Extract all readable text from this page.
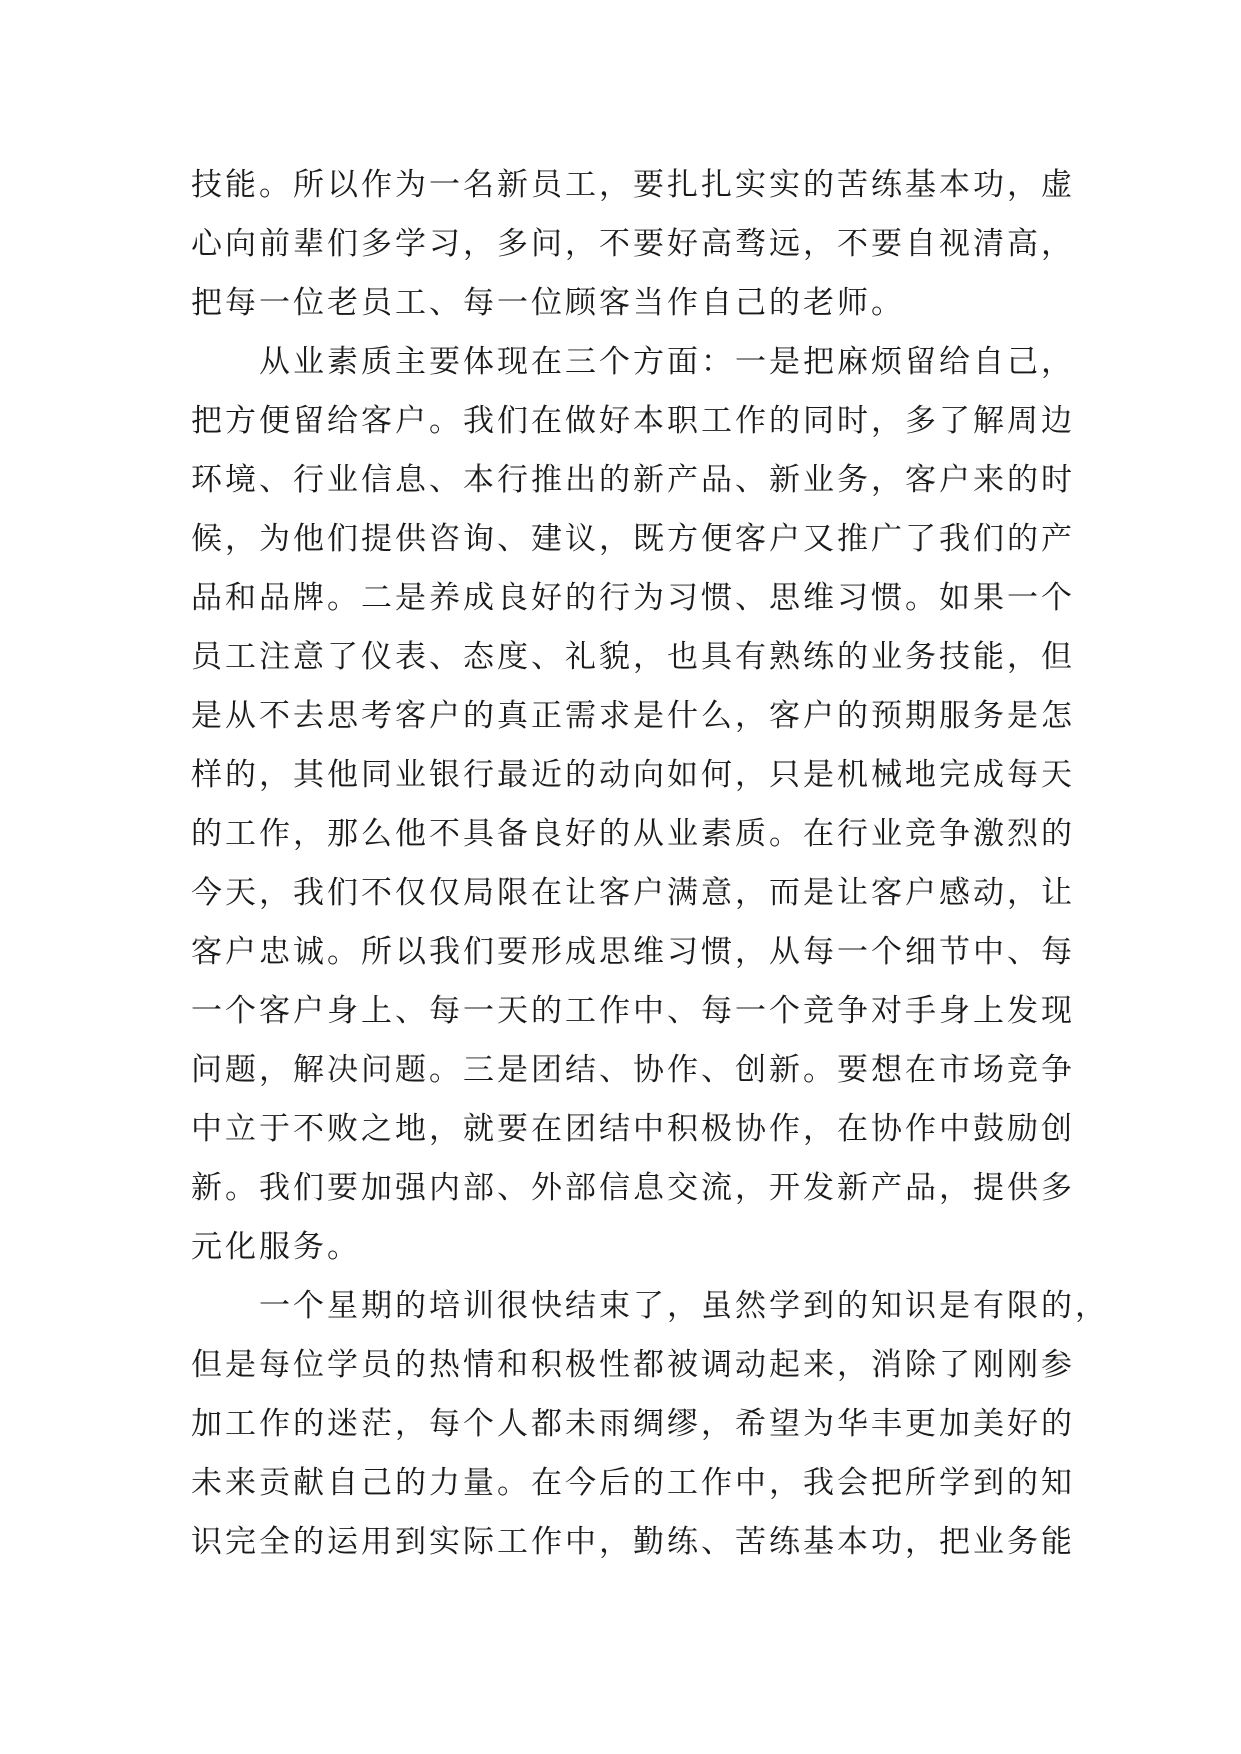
技能。所以作为一名新员工，要扎扎实实的苦练基本功，虚
心向前辈们多学习，多问，不要好高骛远，不要自视清高，
把每一位老员工、每一位顾客当作自己的老师。
　　从业素质主要体现在三个方面：一是把麻烦留给自己，
把方便留给客户。我们在做好本职工作的同时，多了解周边
环境、行业信息、本行推出的新产品、新业务，客户来的时
候，为他们提供咨询、建议，既方便客户又推广了我们的产
品和品牌。二是养成良好的行为习惯、思维习惯。如果一个
员工注意了仪表、态度、礼貌，也具有熟练的业务技能，但
是从不去思考客户的真正需求是什么，客户的预期服务是怎
样的，其他同业银行最近的动向如何，只是机械地完成每天
的工作，那么他不具备良好的从业素质。在行业竞争激烈的
今天，我们不仅仅局限在让客户满意，而是让客户感动，让
客户忠诚。所以我们要形成思维习惯，从每一个细节中、每
一个客户身上、每一天的工作中、每一个竞争对手身上发现
问题，解决问题。三是团结、协作、创新。要想在市场竞争
中立于不败之地，就要在团结中积极协作，在协作中鼓励创
新。我们要加强内部、外部信息交流，开发新产品，提供多
元化服务。
　　一个星期的培训很快结束了，虽然学到的知识是有限的，
但是每位学员的热情和积极性都被调动起来，消除了刚刚参
加工作的迷茫，每个人都未雨绸缪，希望为华丰更加美好的
未来贡献自己的力量。在今后的工作中，我会把所学到的知
识完全的运用到实际工作中，勤练、苦练基本功，把业务能
